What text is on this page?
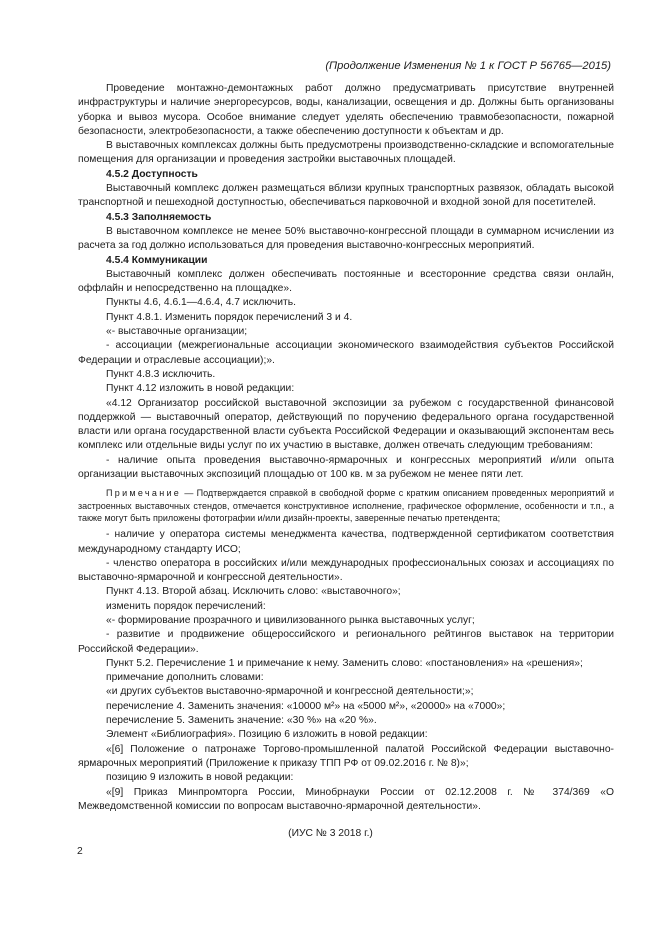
(Продолжение Изменения № 1 к ГОСТ Р 56765—2015)

Проведение монтажно-демонтажных работ должно предусматривать присутствие внутренней инфраструктуры и наличие энергоресурсов, воды, канализации, освещения и др. Должны быть организованы уборка и вывоз мусора. Особое внимание следует уделять обеспечению травмобезопасности, пожарной безопасности, электробезопасности, а также обеспечению доступности к объектам и др.

В выставочных комплексах должны быть предусмотрены производственно-складские и вспомогательные помещения для организации и проведения застройки выставочных площадей.

4.5.2 Доступность

Выставочный комплекс должен размещаться вблизи крупных транспортных развязок, обладать высокой транспортной и пешеходной доступностью, обеспечиваться парковочной и входной зоной для посетителей.

4.5.3 Заполняемость

В выставочном комплексе не менее 50% выставочно-конгрессной площади в суммарном исчислении из расчета за год должно использоваться для проведения выставочно-конгрессных мероприятий.

4.5.4 Коммуникации

Выставочный комплекс должен обеспечивать постоянные и всесторонние средства связи онлайн, оффлайн и непосредственно на площадке».

Пункты 4.6, 4.6.1—4.6.4, 4.7 исключить.

Пункт 4.8.1. Изменить порядок перечислений 3 и 4.

«- выставочные организации;

- ассоциации (межрегиональные ассоциации экономического взаимодействия субъектов Российской Федерации и отраслевые ассоциации);».

Пункт 4.8.3 исключить.

Пункт 4.12 изложить в новой редакции:

«4.12 Организатор российской выставочной экспозиции за рубежом с государственной финансовой поддержкой — выставочный оператор, действующий по поручению федерального органа государственной власти или органа государственной власти субъекта Российской Федерации и оказывающий экспонентам весь комплекс или отдельные виды услуг по их участию в выставке, должен отвечать следующим требованиям:

- наличие опыта проведения выставочно-ярмарочных и конгрессных мероприятий и/или опыта организации выставочных экспозиций площадью от 100 кв. м за рубежом не менее пяти лет.

Примечание — Подтверждается справкой в свободной форме с кратким описанием проведенных мероприятий и застроенных выставочных стендов, отмечается конструктивное исполнение, графическое оформление, особенности и т.п., а также могут быть приложены фотографии и/или дизайн-проекты, заверенные печатью претендента;

- наличие у оператора системы менеджмента качества, подтвержденной сертификатом соответствия международному стандарту ИСО;

- членство оператора в российских и/или международных профессиональных союзах и ассоциациях по выставочно-ярмарочной и конгрессной деятельности».

Пункт 4.13. Второй абзац. Исключить слово: «выставочного»;

изменить порядок перечислений:

«- формирование прозрачного и цивилизованного рынка выставочных услуг;

- развитие и продвижение общероссийского и регионального рейтингов выставок на территории Российской Федерации».

Пункт 5.2. Перечисление 1 и примечание к нему. Заменить слово: «постановления» на «решения»;

примечание дополнить словами:

«и других субъектов выставочно-ярмарочной и конгрессной деятельности;»;

перечисление 4. Заменить значения: «10000 м²» на «5000 м²», «20000» на «7000»;

перечисление 5. Заменить значение: «30 %» на «20 %».

Элемент «Библиография». Позицию 6 изложить в новой редакции:

«[6] Положение о патронаже Торгово-промышленной палатой Российской Федерации выставочно-ярмарочных мероприятий (Приложение к приказу ТПП РФ от 09.02.2016 г. № 8)»;

позицию 9 изложить в новой редакции:

«[9] Приказ Минпромторга России, Минобрнауки России от 02.12.2008 г. № 374/369 «О Межведомственной комиссии по вопросам выставочно-ярмарочной деятельности».

(ИУС № 3 2018 г.)
2
